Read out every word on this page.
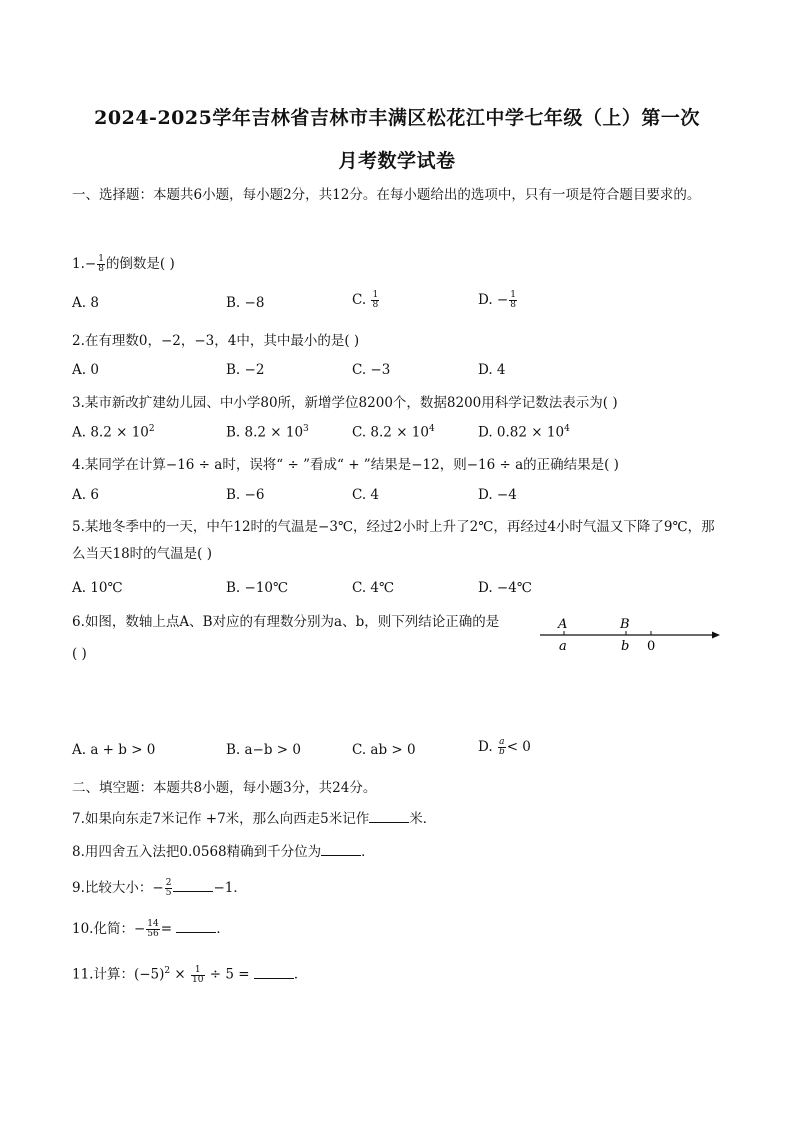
2024-2025学年吉林省吉林市丰满区松花江中学七年级（上）第一次
月考数学试卷
一、选择题：本题共6小题，每小题2分，共12分。在每小题给出的选项中，只有一项是符合题目要求的。
$1.- \frac{1}{8}$ 的倒数是( )
A. 8	B. −8	C. $\frac{1}{8}$	D. − $\frac{1}{8}$
2.在有理数0，−2，−3，4中，其中最小的是( )
A. 0	B. −2	C. −3	D. 4
3.某市新改扩建幼儿园、中小学80所，新增学位8200个，数据8200用科学记数法表示为( )
A. $8.2 \times 10^2$	B. $8.2 \times 10^3$	C. $8.2 \times 10^4$	D. $0.82 \times 10^4$
4.某同学在计算−16 ÷ a时，误将“ ÷ ”看成“ + ”结果是−12，则−16 ÷ a的正确结果是( )
A. 6	B. −6	C. 4	D. −4
5.某地冬季中的一天，中午12时的气温是−3℃，经过2小时上升了2℃，再经过4小时气温又下降了9℃，那么当天18时的气温是( )
A. 10℃	B. −10℃	C. 4℃	D. −4℃
6.如图，数轴上点A、B对应的有理数分别为a、b，则下列结论正确的是
( )
A	B
a	b 0
A. a + b > 0	B. a−b > 0	C. ab > 0	D. $\frac{a}{b} < 0$
二、填空题：本题共8小题，每小题3分，共24分。
7.如果向东走7米记作 +7米，那么向西走5米记作	米．
8.用四舍五入法把0.0568精确到千分位为	．
9.比较大小：− $\frac{2}{5}$	−1．
10.化简：− $\frac{14}{56}$ =	．
11.计算：$(-5)^2 \times \frac{1}{10} \div 5$ =	．
